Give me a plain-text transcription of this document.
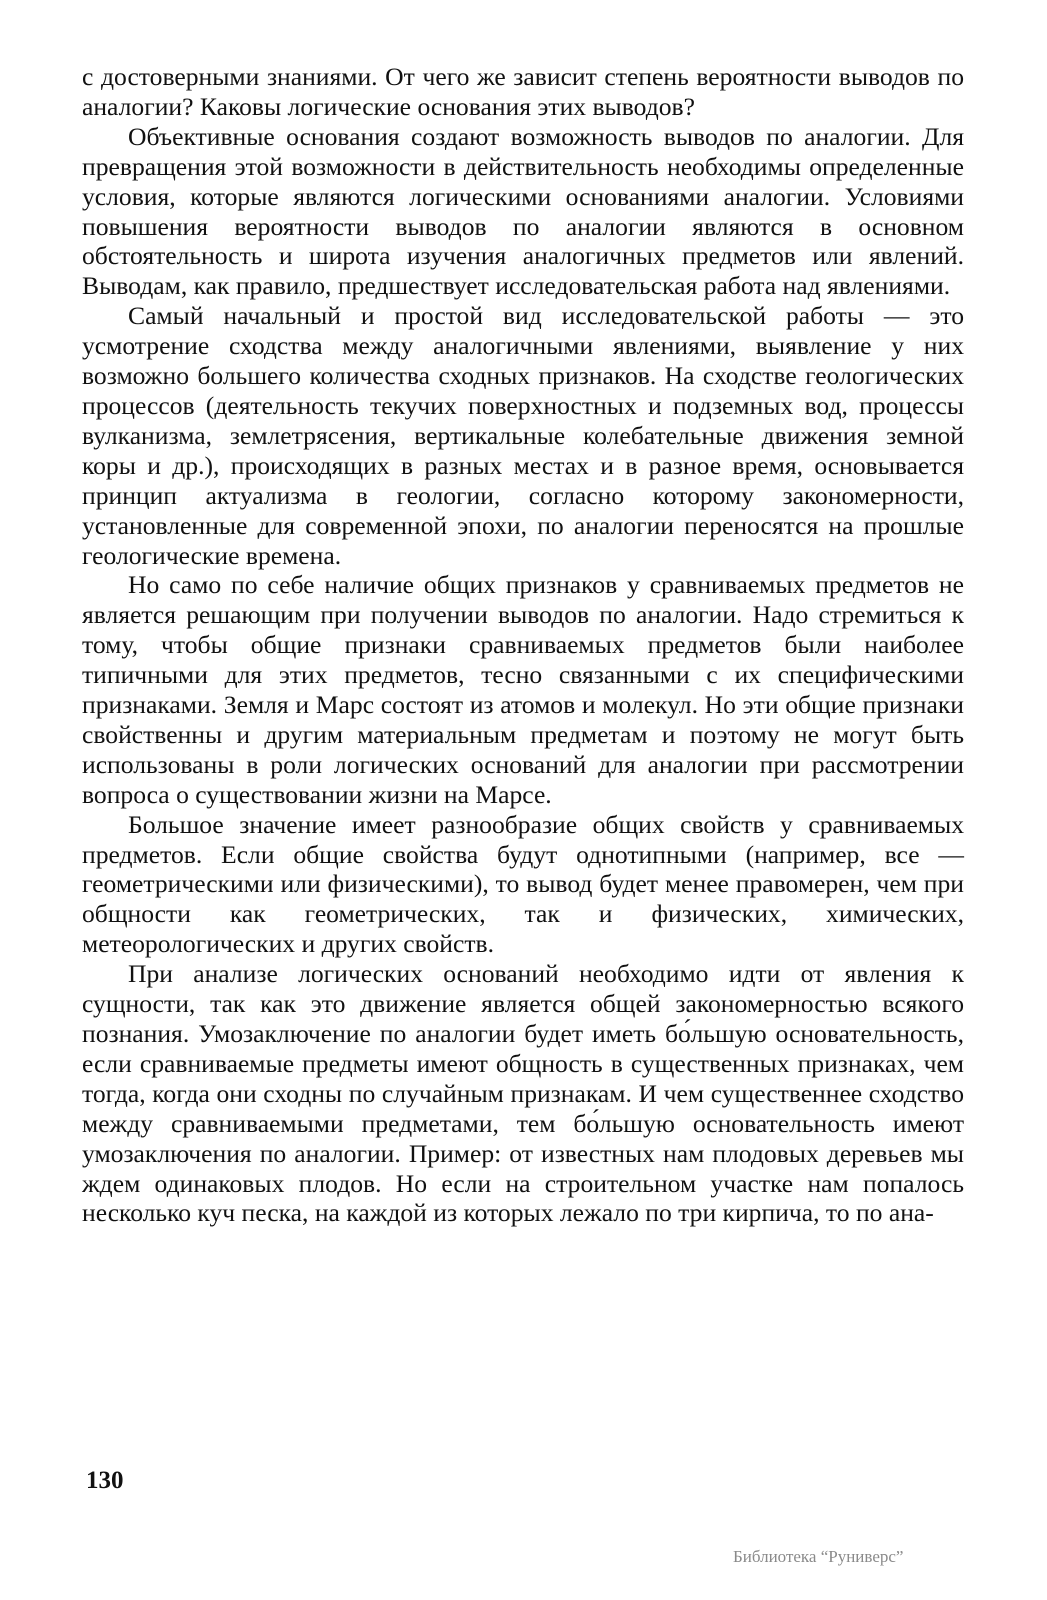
с достоверными знаниями. От чего же зависит степень вероятности выводов по аналогии? Каковы логические основания этих выводов?

Объективные основания создают возможность выводов по аналогии. Для превращения этой возможности в действительность необходимы определенные условия, которые являются логическими основаниями аналогии. Условиями повышения вероятности выводов по аналогии являются в основном обстоятельность и широта изучения аналогичных предметов или явлений. Выводам, как правило, предшествует исследовательская работа над явлениями.

Самый начальный и простой вид исследовательской работы — это усмотрение сходства между аналогичными явлениями, выявление у них возможно большего количества сходных признаков. На сходстве геологических процессов (деятельность текучих поверхностных и подземных вод, процессы вулканизма, землетрясения, вертикальные колебательные движения земной коры и др.), происходящих в разных местах и в разное время, основывается принцип актуализма в геологии, согласно которому закономерности, установленные для современной эпохи, по аналогии переносятся на прошлые геологические времена.

Но само по себе наличие общих признаков у сравниваемых предметов не является решающим при получении выводов по аналогии. Надо стремиться к тому, чтобы общие признаки сравниваемых предметов были наиболее типичными для этих предметов, тесно связанными с их специфическими признаками. Земля и Марс состоят из атомов и молекул. Но эти общие признаки свойственны и другим материальным предметам и поэтому не могут быть использованы в роли логических оснований для аналогии при рассмотрении вопроса о существовании жизни на Марсе.

Большое значение имеет разнообразие общих свойств у сравниваемых предметов. Если общие свойства будут однотипными (например, все — геометрическими или физическими), то вывод будет менее правомерен, чем при общности как геометрических, так и физических, химических, метеорологических и других свойств.

При анализе логических оснований необходимо идти от явления к сущности, так как это движение является общей закономерностью всякого познания. Умозаключение по аналогии будет иметь бо́льшую основательность, если сравниваемые предметы имеют общность в существенных признаках, чем тогда, когда они сходны по случайным признакам. И чем существеннее сходство между сравниваемыми предметами, тем бо́льшую основательность имеют умозаключения по аналогии. Пример: от известных нам плодовых деревьев мы ждем одинаковых плодов. Но если на строительном участке нам попалось несколько куч песка, на каждой из которых лежало по три кирпича, то по ана-

130
Библиотека “Руниверс”
